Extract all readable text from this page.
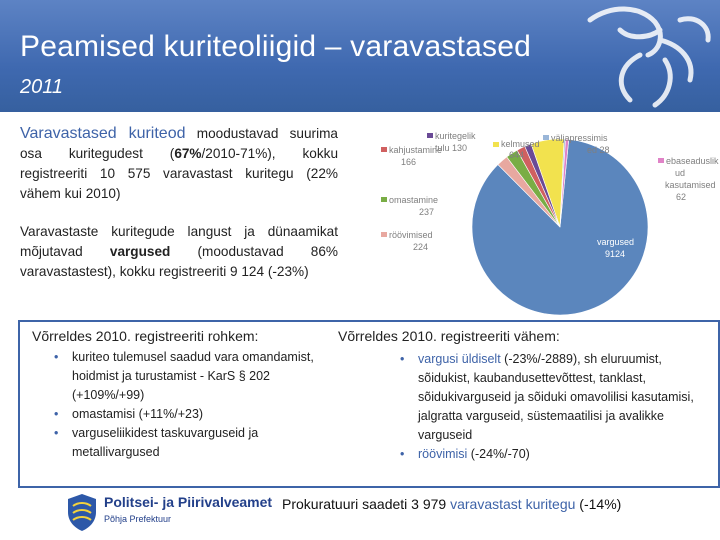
Peamised kuriteoliigid – varavastased
2011
Varavastased kuriteod moodustavad suurima osa kuritegudest (67%/2010-71%), kokku registreeriti 10 575 varavastast kuritegu (22% vähem kui 2010)
Varavastaste kuritegude langust ja dünaamikat mõjutavad vargused (moodustavad 86% varavastastest), kokku registreeriti 9 124 (-23%)
kuritegelik
tulu 130	kelmused
644
väljapressimis
ed 28
kahjustamine
166	ebaseaduslik
ud
kasutamised
62
omastamine
237
röövimised
224	vargused
9124
Võrreldes 2010. registreeriti rohkem:
• kuriteo tulemusel saadud vara omandamist, hoidmist ja turustamist - KarS § 202 (+109%/+99)
• omastamisi (+11%/+23)
• varguseliikidest taskuvarguseid ja metallivargused
Võrreldes 2010. registreeriti vähem:
• vargusi üldiselt (-23%/-2889), sh eluruumist, sõidukist, kaubandusettevõttest, tanklast, sõidukivarguseid ja sõiduki omavolilisi kasutamisi, jalgratta varguseid, süstemaatilisi ja avalikke varguseid
• röövimisi (-24%/-70)
Politsei- ja Piirivalveamet
Põhja Prefektuur
Prokuratuuri saadeti 3 979 varavastast kuritegu (-14%)
